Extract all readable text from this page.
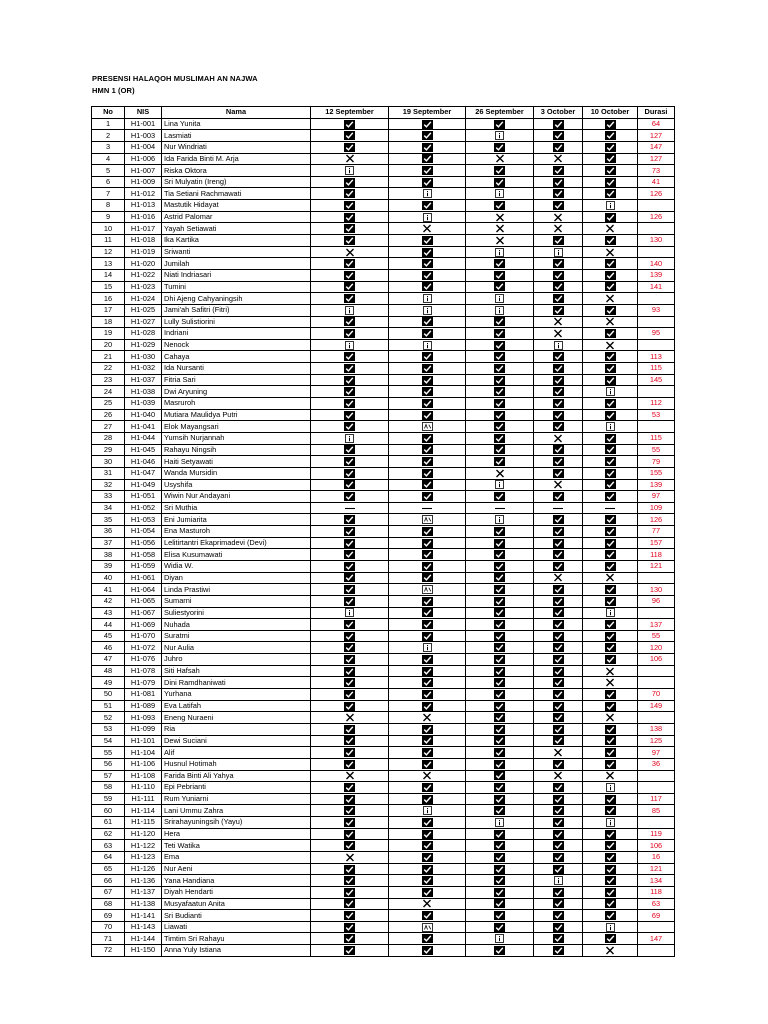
PRESENSI HALAQOH MUSLIMAH AN NAJWA
HMN 1 (OR)
No	NIS	Nama	12 September	19 September	26 September	3 October	10 October	Durasi
1	H1-001	Lina Yunita						64
2	H1-003	Lasmiati						127
3	H1-004	Nur Windriati						147
4	H1-006	Ida Farida Binti M. Arja						127
5	H1-007	Riska Oktora						73
6	H1-009	Sri Mulyatin (Ireng)						41
7	H1-012	Tia Setiani Rachmawati						126
8	H1-013	Mastutik Hidayat	

9	H1-016	Astrid Palomar						126
10	H1-017	Yayah Setiawati	

11	H1-018	Ika Kartika						130
12	H1-019	Sriwanti	

13	H1-020	Jumilah						140
14	H1-022	Niati Indriasari						139
15	H1-023	Tumini						141
16	H1-024	Dhi Ajeng Cahyaningsih	

17	H1-025	Jami'ah Safitri (Fitri)						93
18	H1-027	Lully Sulistiorini	

19	H1-028	Indriani						95
20	H1-029	Nenock	

21	H1-030	Cahaya						113
22	H1-032	Ida Nursanti						115
23	H1-037	Fitria Sari						145
24	H1-038	Dwi Aryuning	

25	H1-039	Masruroh						112
26	H1-040	Mutiara Maulidya Putri						53
27	H1-041	Elok Mayangsari	

28	H1-044	Yumsih Nurjannah						115
29	H1-045	Rahayu Ningsih						55
30	H1-046	Haiti Setyawati						79
31	H1-047	Wanda Mursidin						155
32	H1-049	Usyshifa						139
33	H1-051	Wiwin Nur Andayani						97
34	H1-052	Sri Muthia						109
35	H1-053	Eni Jumiarita						126
36	H1-054	Ena Masturoh						77
37	H1-056	Lelitirtantri Ekaprimadevi (Devi)						157
38	H1-058	Elisa Kusumawati						118
39	H1-059	Widia W.						121
40	H1-061	Diyan	

41	H1-064	Linda Prastiwi						130
42	H1-065	Sumarni						96
43	H1-067	Suliestyorini	

44	H1-069	Nuhada						137
45	H1-070	Suratmi						55
46	H1-072	Nur Aulia						120
47	H1-076	Juhro						106
48	H1-078	Siti Hafsah	

49	H1-079	Dini Ramdhaniwati	

50	H1-081	Yurhana						70
51	H1-089	Eva Latifah						149
52	H1-093	Eneng Nuraeni	

53	H1-099	Ria						138
54	H1-101	Dewi Suciani						125
55	H1-104	Alif						97
56	H1-106	Husnul Hotimah						36
57	H1-108	Farida Binti Ali Yahya	

58	H1-110	Epi Pebrianti	

59	H1-111	Rum Yuniarni						117
60	H1-114	Lani Ummu Zahra						85
61	H1-115	Srirahayuningsih (Yayu)	

62	H1-120	Hera						119
63	H1-122	Teti Watika						106
64	H1-123	Ema						16
65	H1-126	Nur Aeni						121
66	H1-136	Yana Handiana						134
67	H1-137	Diyah Hendarti						118
68	H1-138	Musyafaatun Anita						63
69	H1-141	Sri Budianti						69
70	H1-143	Liawati	

71	H1-144	Timtim Sri Rahayu						147
72	H1-150	Anna Yuly Istiana	
